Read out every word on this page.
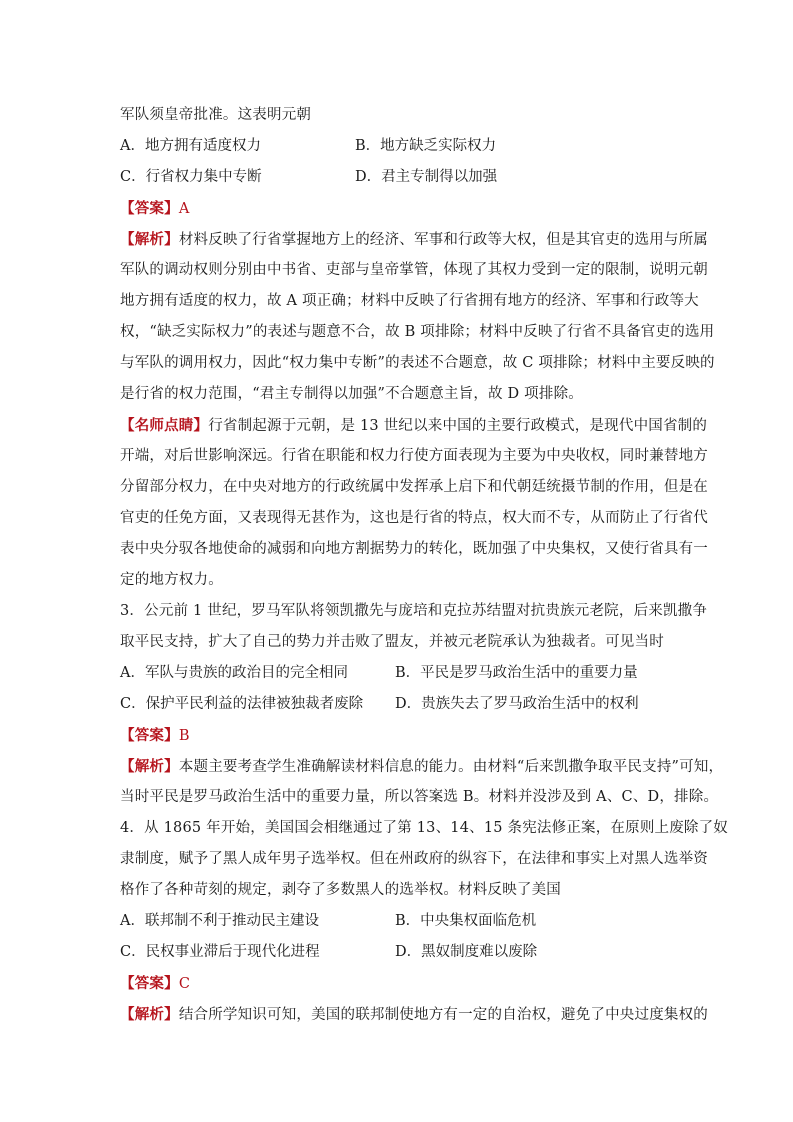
军队须皇帝批准。这表明元朝
A．地方拥有适度权力	B．地方缺乏实际权力
C．行省权力集中专断	D．君主专制得以加强
【答案】A
【解析】材料反映了行省掌握地方上的经济、军事和行政等大权，但是其官吏的选用与所属
军队的调动权则分别由中书省、吏部与皇帝掌管，体现了其权力受到一定的限制，说明元朝
地方拥有适度的权力，故 A 项正确；材料中反映了行省拥有地方的经济、军事和行政等大
权，“缺乏实际权力”的表述与题意不合，故 B 项排除；材料中反映了行省不具备官吏的选用
与军队的调用权力，因此“权力集中专断”的表述不合题意，故 C 项排除；材料中主要反映的
是行省的权力范围，“君主专制得以加强”不合题意主旨，故 D 项排除。
【名师点睛】行省制起源于元朝，是 13 世纪以来中国的主要行政模式，是现代中国省制的
开端，对后世影响深远。行省在职能和权力行使方面表现为主要为中央收权，同时兼替地方
分留部分权力，在中央对地方的行政统属中发挥承上启下和代朝廷统摄节制的作用，但是在
官吏的任免方面，又表现得无甚作为，这也是行省的特点，权大而不专，从而防止了行省代
表中央分驭各地使命的减弱和向地方割据势力的转化，既加强了中央集权，又使行省具有一
定的地方权力。
3．公元前 1 世纪，罗马军队将领凯撒先与庞培和克拉苏结盟对抗贵族元老院，后来凯撒争
取平民支持，扩大了自己的势力并击败了盟友，并被元老院承认为独裁者。可见当时
A．军队与贵族的政治目的完全相同	B．平民是罗马政治生活中的重要力量
C．保护平民利益的法律被独裁者废除 D．贵族失去了罗马政治生活中的权利
【答案】B
【解析】本题主要考查学生准确解读材料信息的能力。由材料“后来凯撒争取平民支持”可知，
当时平民是罗马政治生活中的重要力量，所以答案选 B。材料并没涉及到 A、C、D，排除。
4．从 1865 年开始，美国国会相继通过了第 13、14、15 条宪法修正案，在原则上废除了奴
隶制度，赋予了黑人成年男子选举权。但在州政府的纵容下，在法律和事实上对黑人选举资
格作了各种苛刻的规定，剥夺了多数黑人的选举权。材料反映了美国
A．联邦制不利于推动民主建设	B．中央集权面临危机
C．民权事业滞后于现代化进程	D．黑奴制度难以废除
【答案】C
【解析】结合所学知识可知，美国的联邦制使地方有一定的自治权，避免了中央过度集权的
